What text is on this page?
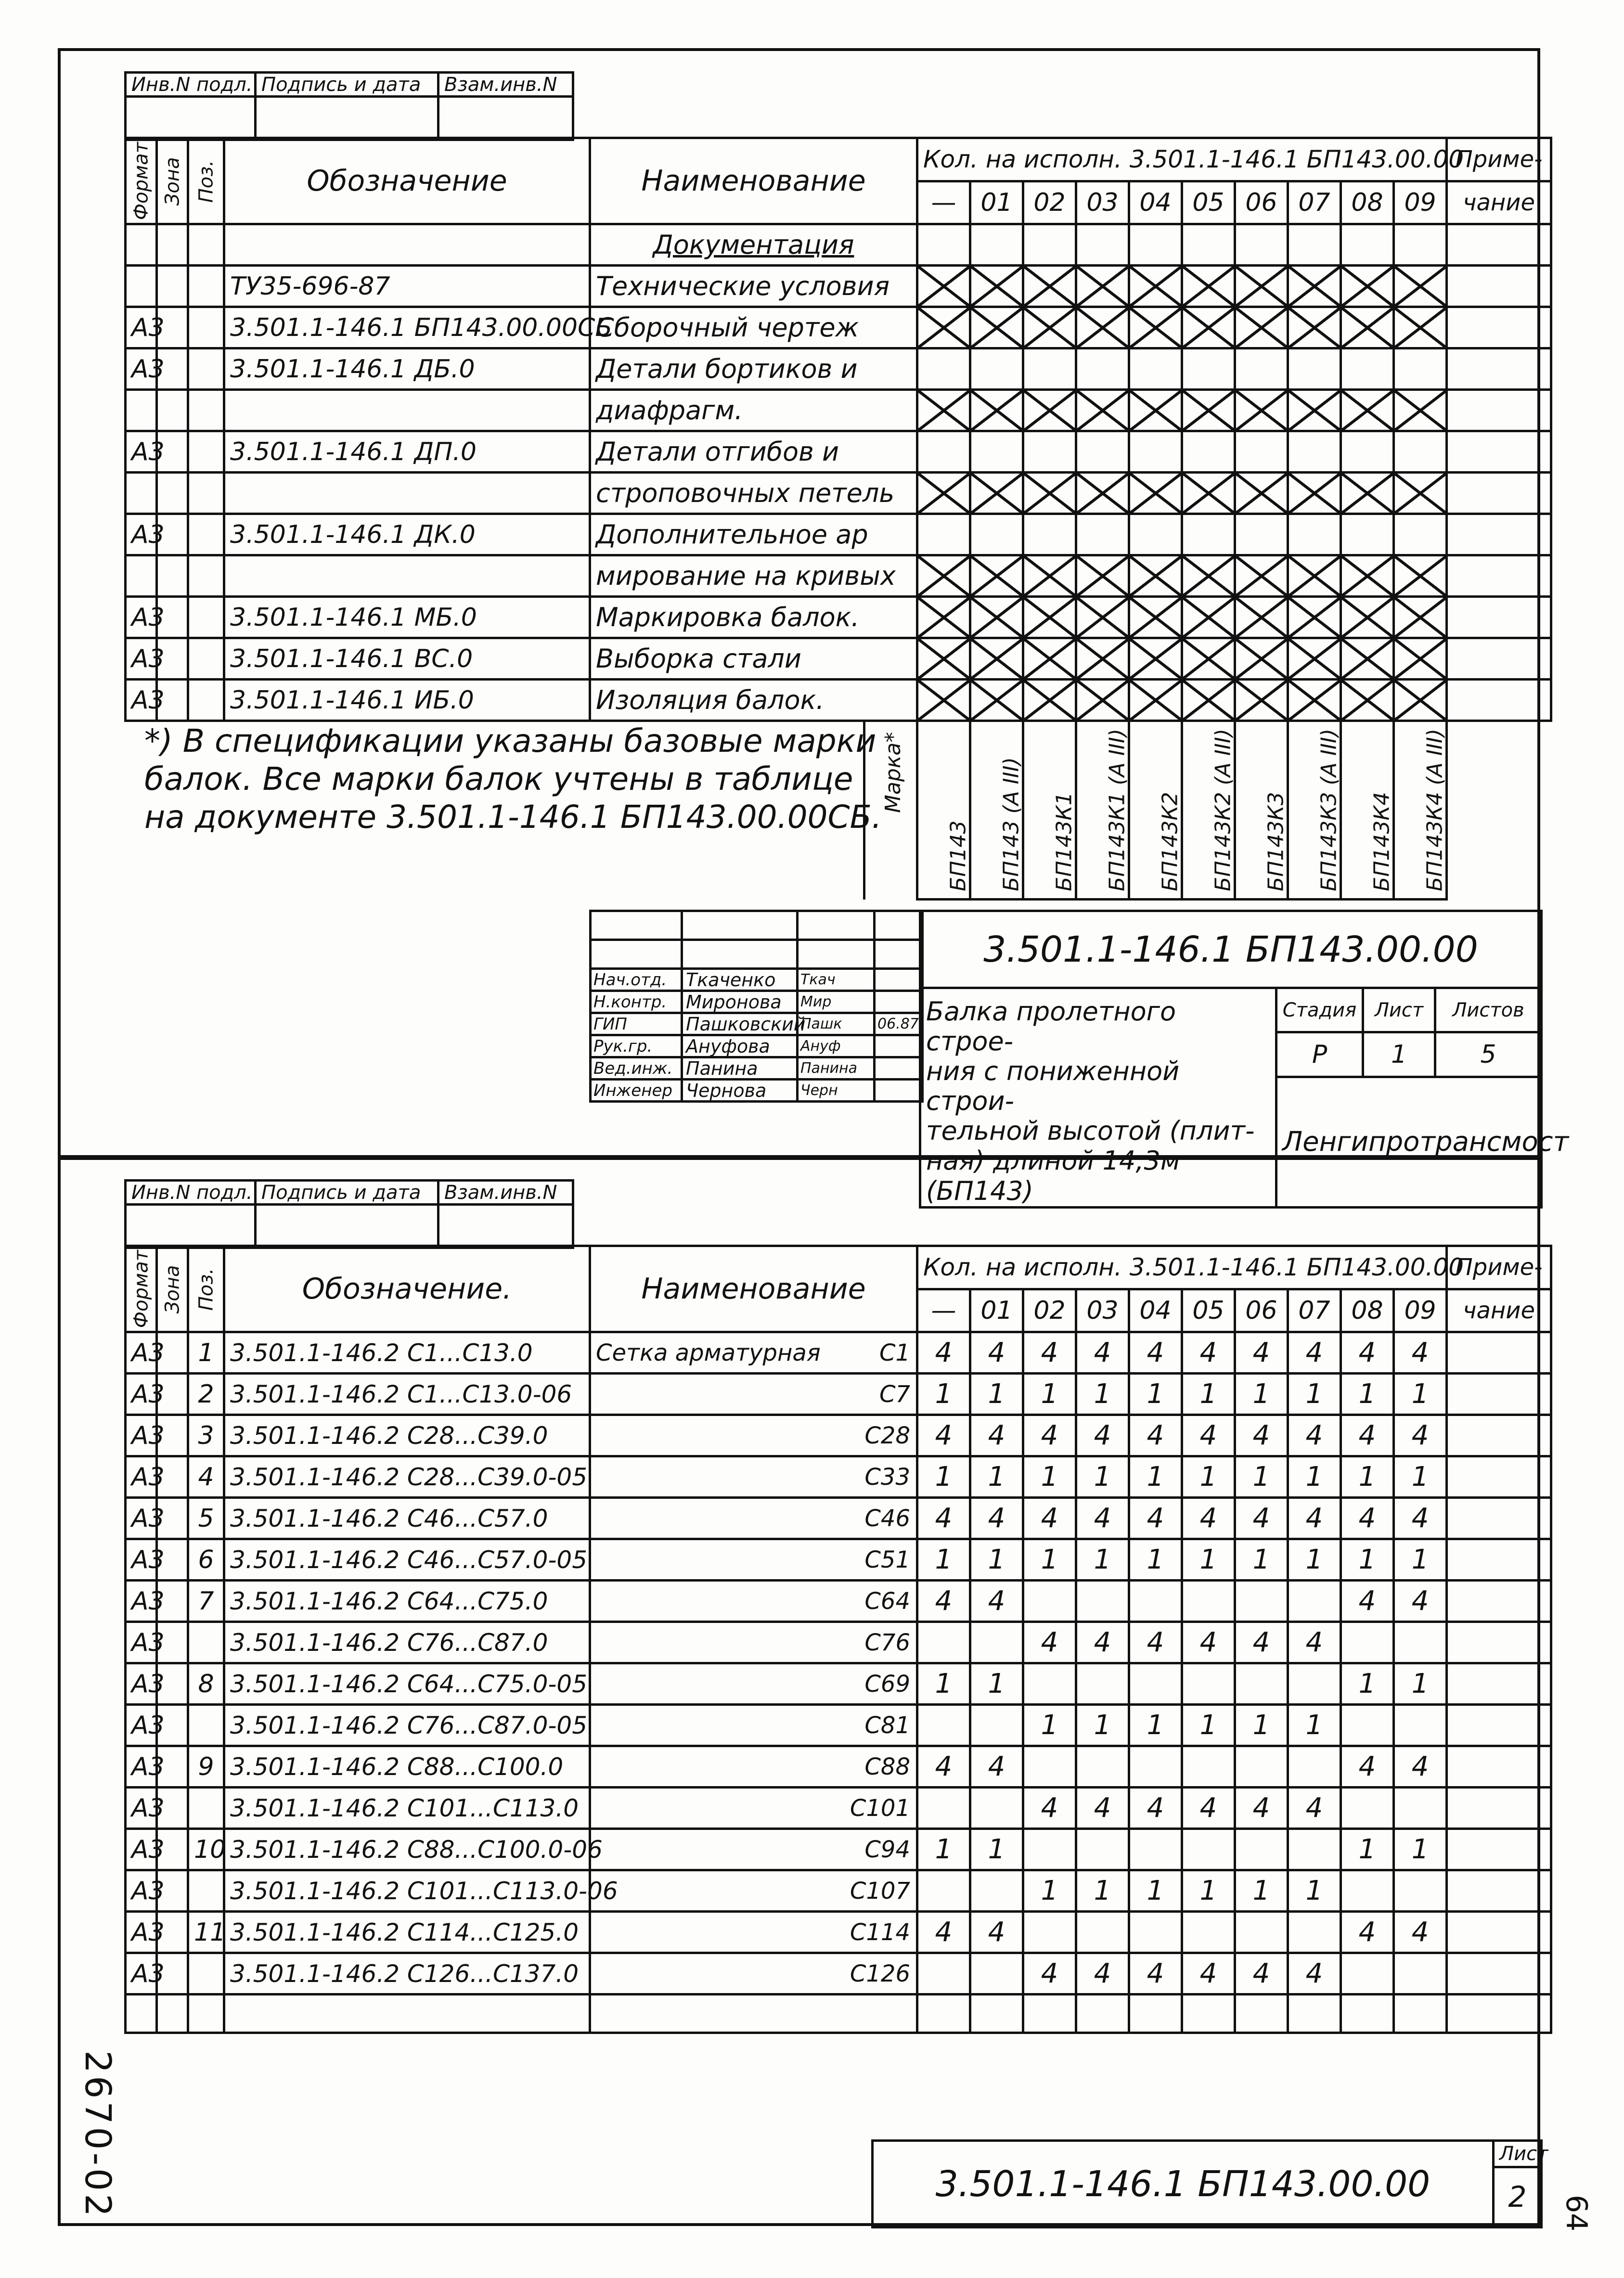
Инв.N подл.	Подпись и дата	Взам.инв.N

Формат	Зона	Поз.	Обозначение	Наименование	Кол. на исполн. 3.501.1-146.1 БП143.00.00										Приме-
					—	01	02	03	04	05	06	07	08	09	чание
				Документация											
			ТУ35-696-87	Технические условия											
А3			3.501.1-146.1 БП143.00.00СБ	Сборочный чертеж											
А3			3.501.1-146.1 ДБ.0	Детали бортиков и											
				диафрагм.											
А3			3.501.1-146.1 ДП.0	Детали отгибов и											
				строповочных петель											
А3			3.501.1-146.1 ДК.0	Дополнительное ар											
				мирование на кривых											
А3			3.501.1-146.1 МБ.0	Маркировка балок.											
А3			3.501.1-146.1 ВС.0	Выборка стали											
А3			3.501.1-146.1 ИБ.0	Изоляция балок.											

					БП143	БП143 (А III)	БП143К1	БП143К1 (А III)	БП143К2	БП143К2 (А III)	БП143К3	БП143К3 (А III)	БП143К4	БП143К4 (А III)	
Марка*
*) В спецификации указаны базовые марки
балок. Все марки балок учтены в таблице
на документе 3.501.1-146.1 БП143.00.00СБ.

Нач.отд.	Ткаченко	Ткач	
Н.контр.	Миронова	Мир	
ГИП	Пашковский	Пашк	06.87
Рук.гр.	Ануфова	Ануф	
Вед.инж.	Панина	Панина	
Инженер	Чернова	Черн	
3.501.1-146.1 БП143.00.00			

Балка пролетного строе-
ния с пониженной строи-
тельной высотой (плит-
ная) длиной 14,3м (БП143)	Стадия	Лист	Листов
	Р	1	5
	Ленгипротрансмост		
Инв.N подл.	Подпись и дата	Взам.инв.N

Формат	Зона	Поз.	Обозначение.	Наименование	Кол. на исполн. 3.501.1-146.1 БП143.00.00										Приме-
					—	01	02	03	04	05	06	07	08	09	чание
А3		1	3.501.1-146.2 С1...С13.0	Сетка арматурная С1	4	4	4	4	4	4	4	4	4	4	
А3		2	3.501.1-146.2 С1...С13.0-06	С7	1	1	1	1	1	1	1	1	1	1	
А3		3	3.501.1-146.2 С28...С39.0	С28	4	4	4	4	4	4	4	4	4	4	
А3		4	3.501.1-146.2 С28...С39.0-05	С33	1	1	1	1	1	1	1	1	1	1	
А3		5	3.501.1-146.2 С46...С57.0	С46	4	4	4	4	4	4	4	4	4	4	
А3		6	3.501.1-146.2 С46...С57.0-05	С51	1	1	1	1	1	1	1	1	1	1	
А3		7	3.501.1-146.2 С64...С75.0	С64	4	4							4	4	
А3			3.501.1-146.2 С76...С87.0	С76			4	4	4	4	4	4			
А3		8	3.501.1-146.2 С64...С75.0-05	С69	1	1							1	1	
А3			3.501.1-146.2 С76...С87.0-05	С81			1	1	1	1	1	1			
А3		9	3.501.1-146.2 С88...С100.0	С88	4	4							4	4	
А3			3.501.1-146.2 С101...С113.0	С101			4	4	4	4	4	4			
А3		10	3.501.1-146.2 С88...С100.0-06	С94	1	1							1	1	
А3			3.501.1-146.2 С101...С113.0-06	С107			1	1	1	1	1	1			
А3		11	3.501.1-146.2 С114...С125.0	С114	4	4							4	4	
А3			3.501.1-146.2 С126...С137.0	С126			4	4	4	4	4	4			

3.501.1-146.1 БП143.00.00	Лист
2
2670-02	64
